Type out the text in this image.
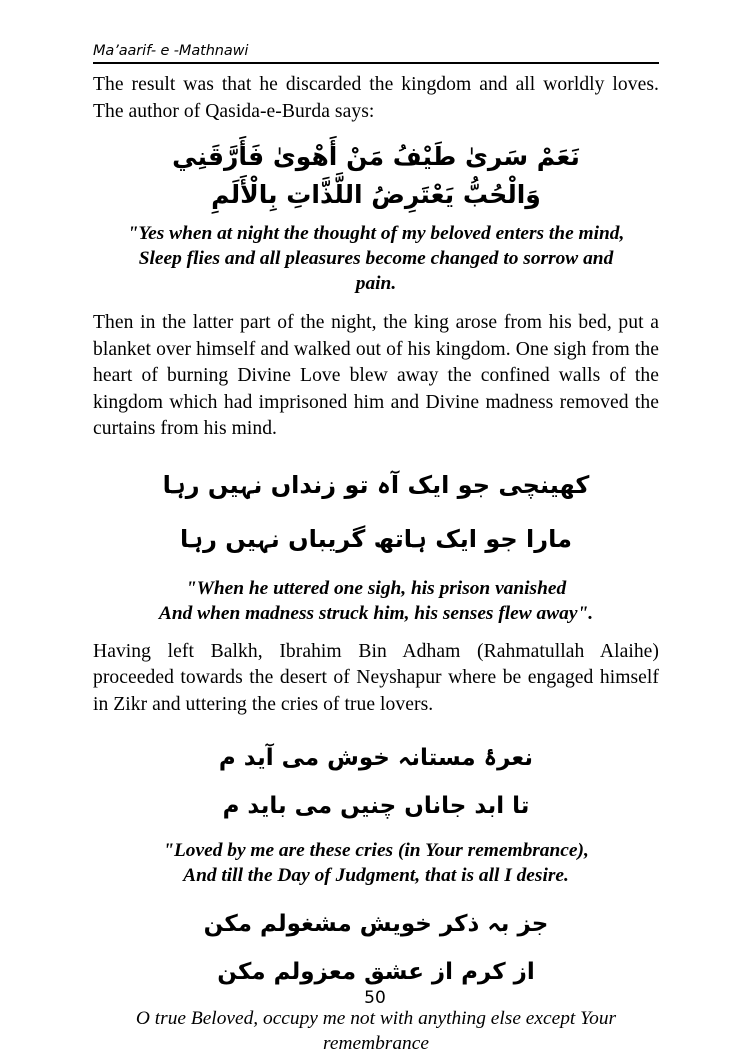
Ma’aarif- e -Mathnawi

The result was that he discarded the kingdom and all worldly loves. The author of Qasida-e-Burda says:

نَعَمْ سَرىٰ طَيْفُ مَنْ أَهْوىٰ فَأَرَّقَنِي
وَالْحُبُّ يَعْتَرِضُ اللَّذَّاتِ بِالْأَلَمِ
"Yes when at night the thought of my beloved enters the mind,
Sleep flies and all pleasures become changed to sorrow and
pain.

Then in the latter part of the night, the king arose from his bed, put a blanket over himself and walked out of his kingdom. One sigh from the heart of burning Divine Love blew away the confined walls of the kingdom which had imprisoned him and Divine madness removed the curtains from his mind.

کھینچی جو ایک آہ تو زنداں نہیں رہا
مارا جو ایک ہاتھ گریباں نہیں رہا
"When he uttered one sigh, his prison vanished
And when madness struck him, his senses flew away".

Having left Balkh, Ibrahim Bin Adham (Rahmatullah Alaihe) proceeded towards the desert of Neyshapur where be engaged himself in Zikr and uttering the cries of true lovers.

نعرۂ مستانہ خوش می آید م
تا ابد جاناں چنیں می باید م
"Loved by me are these cries (in Your remembrance),
And till the Day of Judgment, that is all I desire.
جز بہ ذکر خویش مشغولم مکن
از کرم از عشق معزولم مکن
O true Beloved, occupy me not with anything else except Your
remembrance
50
